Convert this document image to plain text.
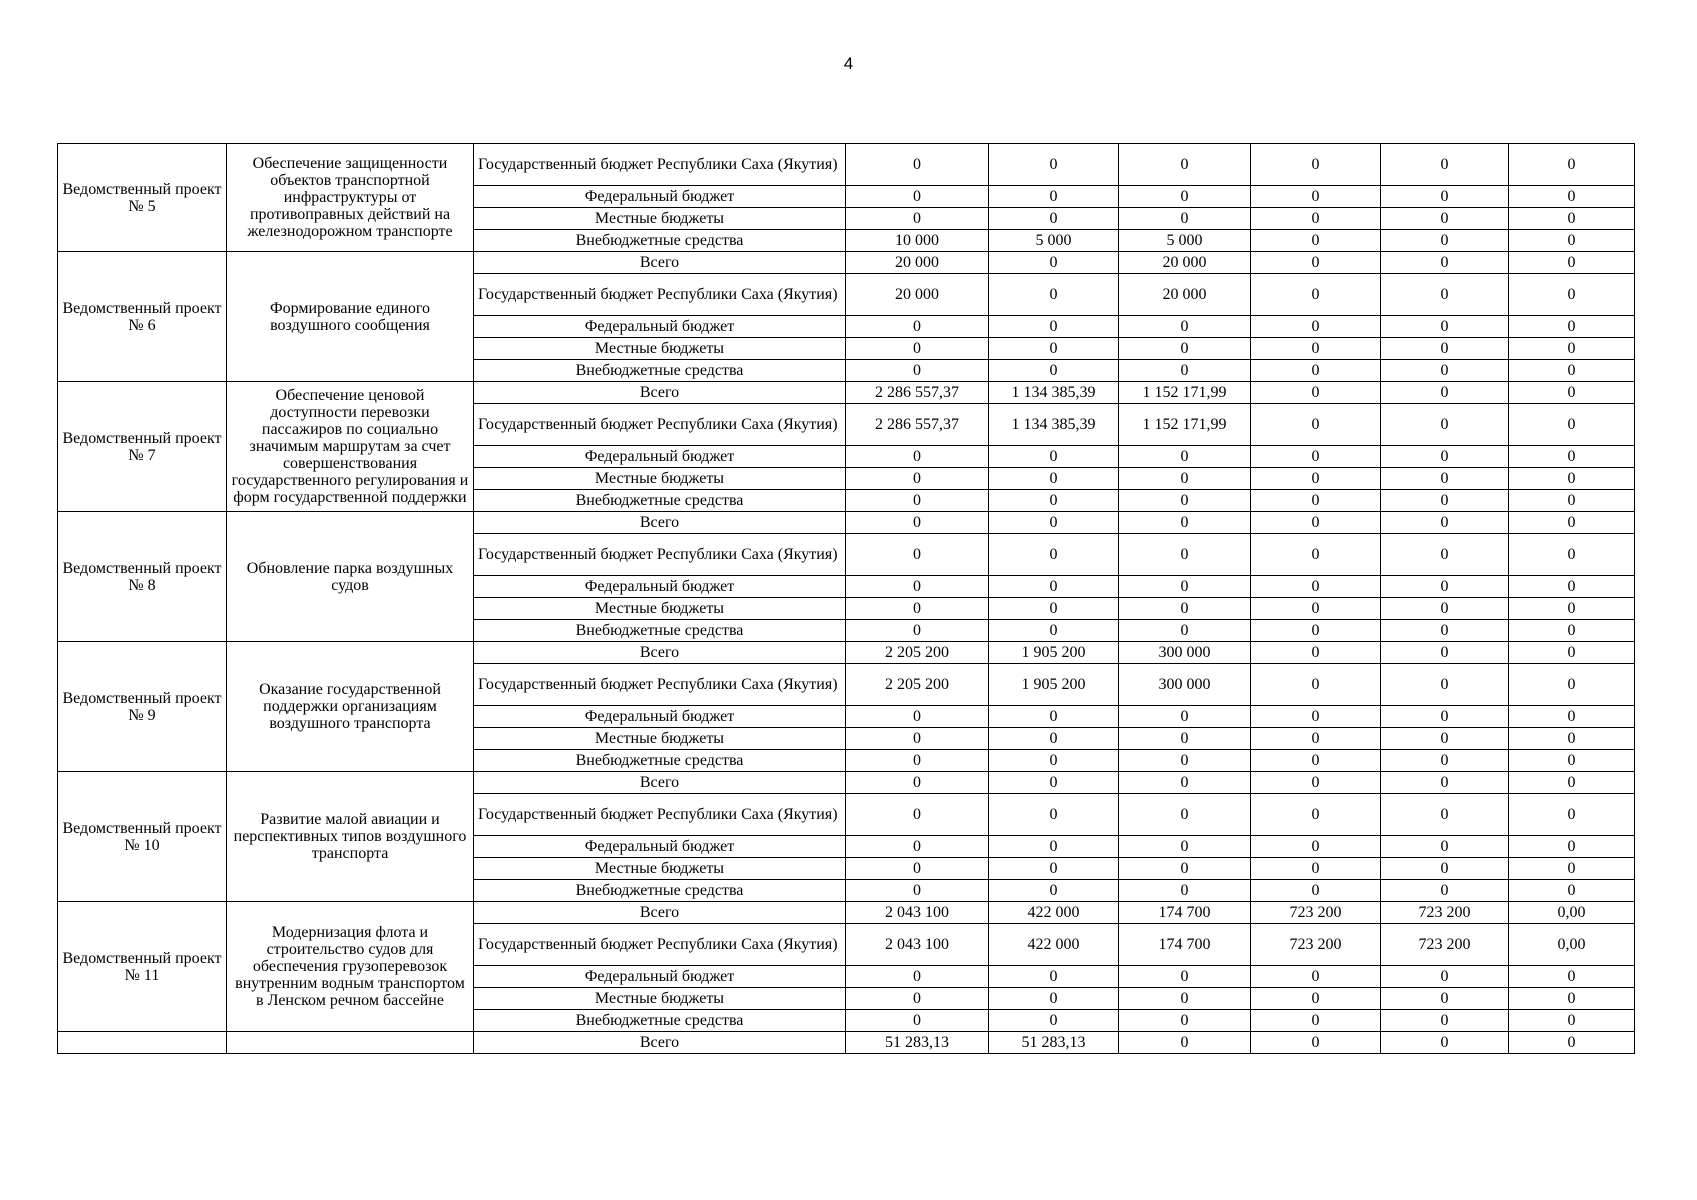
4
Ведомственный проект № 5	Обеспечение защищенности объектов транспортной инфраструктуры от противоправных действий на железнодорожном транспорте	Государственный бюджет Республики Саха (Якутия)	0	0	0	0	0	0
		Федеральный бюджет	0	0	0	0	0	0
		Местные бюджеты	0	0	0	0	0	0
		Внебюджетные средства	10 000	5 000	5 000	0	0	0
Ведомственный проект № 6	Формирование единого воздушного сообщения	Всего	20 000	0	20 000	0	0	0
		Государственный бюджет Республики Саха (Якутия)	20 000	0	20 000	0	0	0
		Федеральный бюджет	0	0	0	0	0	0
		Местные бюджеты	0	0	0	0	0	0
		Внебюджетные средства	0	0	0	0	0	0
Ведомственный проект № 7	Обеспечение ценовой доступности перевозки пассажиров по социально значимым маршрутам за счет совершенствования государственного регулирования и форм государственной поддержки	Всего	2 286 557,37	1 134 385,39	1 152 171,99	0	0	0
		Государственный бюджет Республики Саха (Якутия)	2 286 557,37	1 134 385,39	1 152 171,99	0	0	0
		Федеральный бюджет	0	0	0	0	0	0
		Местные бюджеты	0	0	0	0	0	0
		Внебюджетные средства	0	0	0	0	0	0
Ведомственный проект № 8	Обновление парка воздушных судов	Всего	0	0	0	0	0	0
		Государственный бюджет Республики Саха (Якутия)	0	0	0	0	0	0
		Федеральный бюджет	0	0	0	0	0	0
		Местные бюджеты	0	0	0	0	0	0
		Внебюджетные средства	0	0	0	0	0	0
Ведомственный проект № 9	Оказание государственной поддержки организациям воздушного транспорта	Всего	2 205 200	1 905 200	300 000	0	0	0
		Государственный бюджет Республики Саха (Якутия)	2 205 200	1 905 200	300 000	0	0	0
		Федеральный бюджет	0	0	0	0	0	0
		Местные бюджеты	0	0	0	0	0	0
		Внебюджетные средства	0	0	0	0	0	0
Ведомственный проект № 10	Развитие малой авиации и перспективных типов воздушного транспорта	Всего	0	0	0	0	0	0
		Государственный бюджет Республики Саха (Якутия)	0	0	0	0	0	0
		Федеральный бюджет	0	0	0	0	0	0
		Местные бюджеты	0	0	0	0	0	0
		Внебюджетные средства	0	0	0	0	0	0
Ведомственный проект № 11	Модернизация флота и строительство судов для обеспечения грузоперевозок внутренним водным транспортом в Ленском речном бассейне	Всего	2 043 100	422 000	174 700	723 200	723 200	0,00
		Государственный бюджет Республики Саха (Якутия)	2 043 100	422 000	174 700	723 200	723 200	0,00
		Федеральный бюджет	0	0	0	0	0	0
		Местные бюджеты	0	0	0	0	0	0
		Внебюджетные средства	0	0	0	0	0	0
		Всего	51 283,13	51 283,13	0	0	0	0
